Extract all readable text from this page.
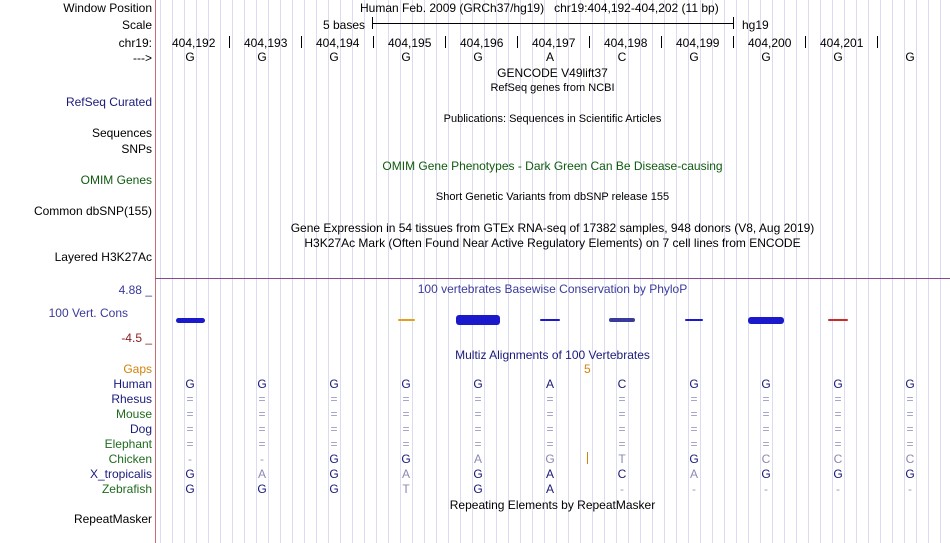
Window Position	Human Feb. 2009 (GRCh37/hg19) chr19:404,192-404,202 (11 bp)
Scale	5 bases	hg19
chr19: 404,192 404,193 404,194 404,195 404,196 404,197 404,198 404,199 404,200 404,201
--->	G	G	G	G	G	A	C	G	G	G	G
GENCODE V49lift37
RefSeq genes from NCBI
RefSeq Curated
Publications: Sequences in Scientific Articles
Sequences
SNPs
OMIM Gene Phenotypes - Dark Green Can Be Disease-causing
OMIM Genes
Short Genetic Variants from dbSNP release 155
Common dbSNP(155)
Gene Expression in 54 tissues from GTEx RNA-seq of 17382 samples, 948 donors (V8, Aug 2019)
H3K27Ac Mark (Often Found Near Active Regulatory Elements) on 7 cell lines from ENCODE
Layered H3K27Ac
4.88 _	100 vertebrates Basewise Conservation by PhyloP
100 Vert. Cons
-4.5 _
Multiz Alignments of 100 Vertebrates
Gaps	5
Human	G	G	G	G	G	A	C	G	G	G	G
Rhesus	=	=	=	=	=	=	=	=	=	=	=
Mouse	=	=	=	=	=	=	=	=	=	=	=
Dog	=	=	=	=	=	=	=	=	=	=	=
Elephant	=	=	=	=	=	=	=	=	=	=	=
Chicken	-	-	G	G	A	G	T	G	C	C	C
X_tropicalis	G	A	G	A	G	A	C	A	G	G	G
Zebrafish	G	G	G	T	G	A	-	-	-	-	-
Repeating Elements by RepeatMasker
RepeatMasker
